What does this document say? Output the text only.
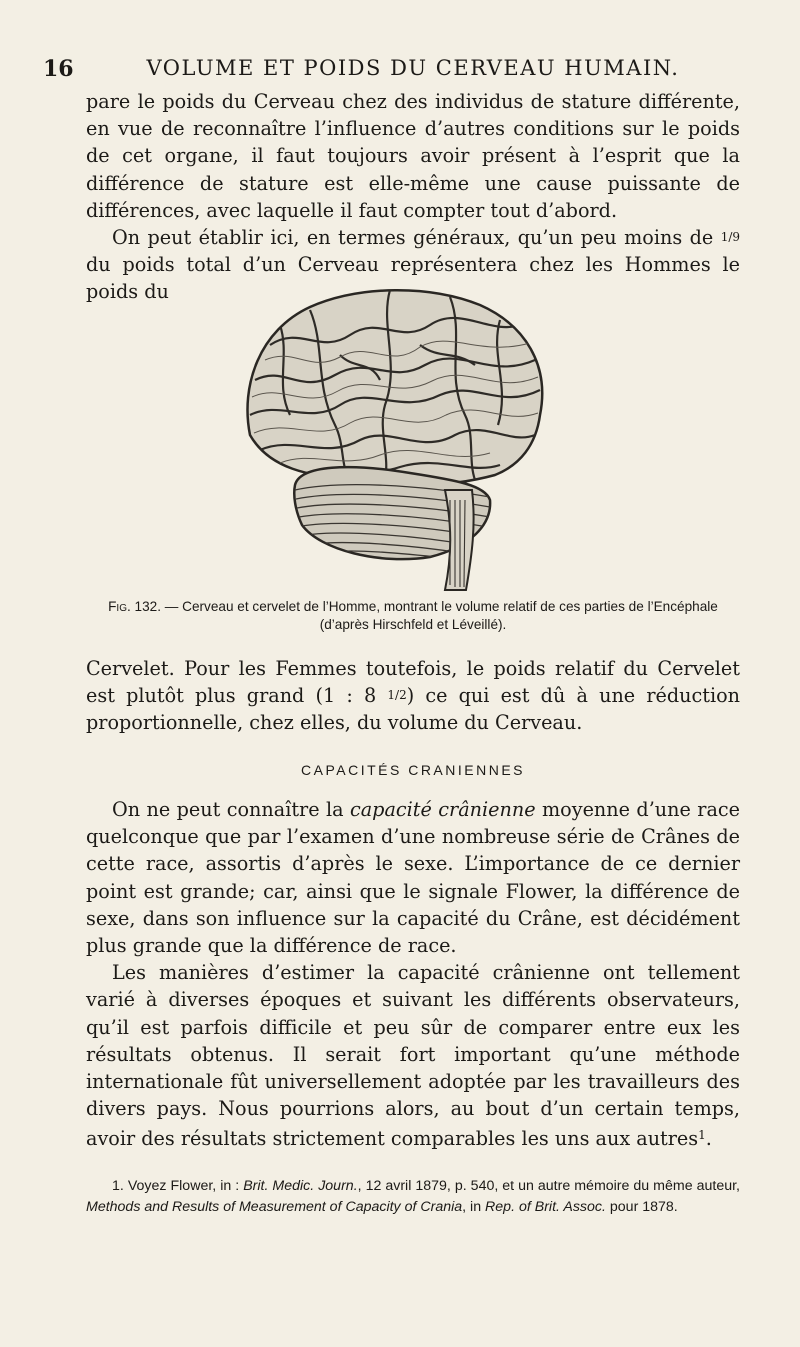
16	VOLUME ET POIDS DU CERVEAU HUMAIN.

pare le poids du Cerveau chez des individus de stature différente, en vue de reconnaître l’influence d’autres conditions sur le poids de cet organe, il faut toujours avoir présent à l’esprit que la différence de stature est elle-même une cause puissante de différences, avec laquelle il faut compter tout d’abord.

On peut établir ici, en termes généraux, qu’un peu moins de 1/9 du poids total d’un Cerveau représentera chez les Hommes le poids du

Fig. 132. — Cerveau et cervelet de l’Homme, montrant le volume relatif de ces parties de l’Encéphale (d’après Hirschfeld et Léveillé).

Cervelet. Pour les Femmes toutefois, le poids relatif du Cervelet est plutôt plus grand (1 : 8 1/2) ce qui est dû à une réduction proportionnelle, chez elles, du volume du Cerveau.

CAPACITÉS CRANIENNES

On ne peut connaître la capacité crânienne moyenne d’une race quelconque que par l’examen d’une nombreuse série de Crânes de cette race, assortis d’après le sexe. L’importance de ce dernier point est grande; car, ainsi que le signale Flower, la différence de sexe, dans son influence sur la capacité du Crâne, est décidément plus grande que la différence de race.

Les manières d’estimer la capacité crânienne ont tellement varié à diverses époques et suivant les différents observateurs, qu’il est parfois difficile et peu sûr de comparer entre eux les résultats obtenus. Il serait fort important qu’une méthode internationale fût universellement adoptée par les travailleurs des divers pays. Nous pourrions alors, au bout d’un certain temps, avoir des résultats strictement comparables les uns aux autres$^1$.

1. Voyez Flower, in : Brit. Medic. Journ., 12 avril 1879, p. 540, et un autre mémoire du même auteur, Methods and Results of Measurement of Capacity of Crania, in Rep. of Brit. Assoc. pour 1878.
